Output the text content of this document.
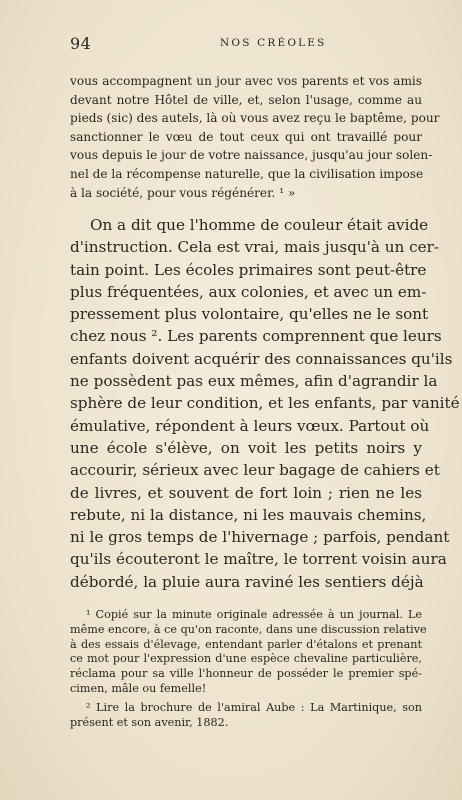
94	NOS CRÉOLES
vous accompagnent un jour avec vos parents et vos amis
devant notre Hôtel de ville, et, selon l'usage, comme au
pieds (sic) des autels, là où vous avez reçu le baptême, pour
sanctionner le vœu de tout ceux qui ont travaillé pour
vous depuis le jour de votre naissance, jusqu'au jour solen-
nel de la récompense naturelle, que la civilisation impose
à la société, pour vous régénérer. ¹ »
On a dit que l'homme de couleur était avide
d'instruction. Cela est vrai, mais jusqu'à un cer-
tain point. Les écoles primaires sont peut-être
plus fréquentées, aux colonies, et avec un em-
pressement plus volontaire, qu'elles ne le sont
chez nous ². Les parents comprennent que leurs
enfants doivent acquérir des connaissances qu'ils
ne possèdent pas eux mêmes, afin d'agrandir la
sphère de leur condition, et les enfants, par vanité
émulative, répondent à leurs vœux. Partout où
une école s'élève, on voit les petits noirs y
accourir, sérieux avec leur bagage de cahiers et
de livres, et souvent de fort loin ; rien ne les
rebute, ni la distance, ni les mauvais chemins,
ni le gros temps de l'hivernage ; parfois, pendant
qu'ils écouteront le maître, le torrent voisin aura
débordé, la pluie aura raviné les sentiers déjà
¹ Copié sur la minute originale adressée à un journal. Le
même encore, à ce qu'on raconte, dans une discussion relative
à des essais d'élevage, entendant parler d'étalons et prenant
ce mot pour l'expression d'une espèce chevaline particulière,
réclama pour sa ville l'honneur de posséder le premier spé-
cimen, mâle ou femelle!
² Lire la brochure de l'amiral Aube : La Martinique, son
présent et son avenir, 1882.
